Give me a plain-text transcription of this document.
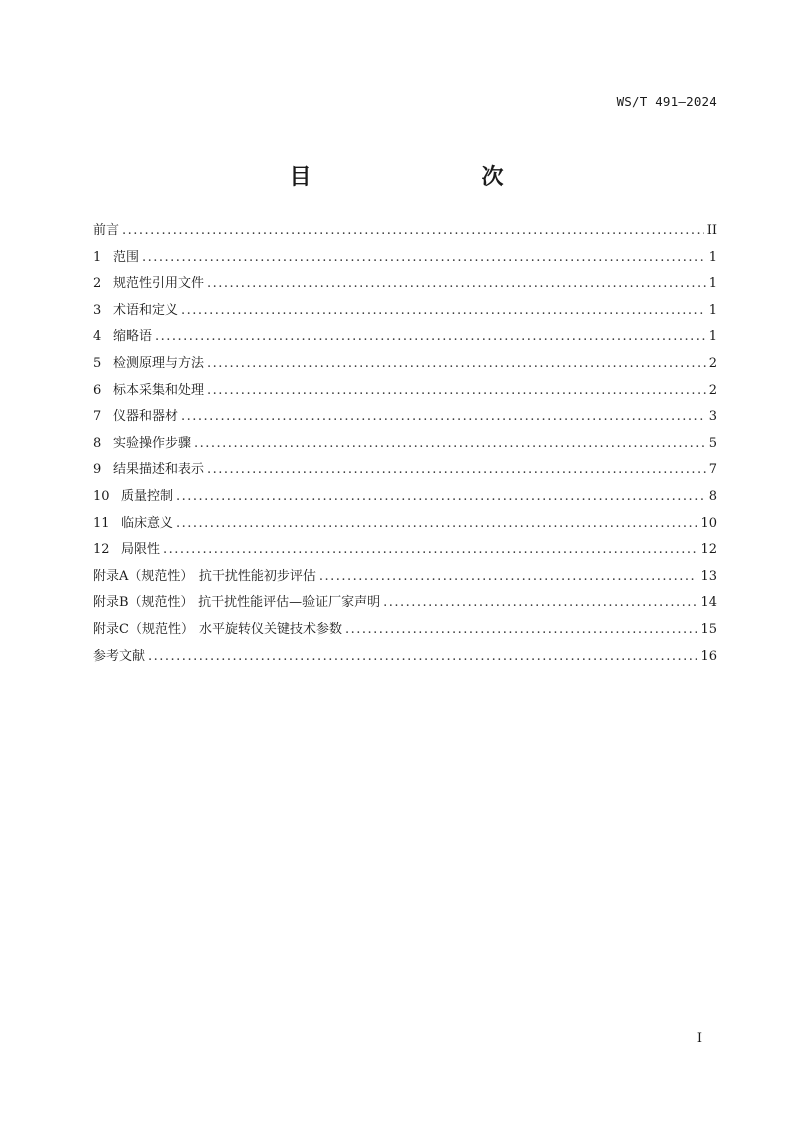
WS/T 491—2024
目　　次
前言 .....	II
1 范围 .....	1
2 规范性引用文件 .....	1
3 术语和定义 .....	1
4 缩略语 .....	1
5 检测原理与方法 .....	2
6 标本采集和处理 .....	2
7 仪器和器材 .....	3
8 实验操作步骤 .....	5
9 结果描述和表示 .....	7
10 质量控制 .....	8
11 临床意义 .....	10
12 局限性 .....	12
附录A（规范性） 抗干扰性能初步评估 .....	13
附录B（规范性） 抗干扰性能评估—验证厂家声明 .....	14
附录C（规范性） 水平旋转仪关键技术参数 .....	15
参考文献 .....	16
I
